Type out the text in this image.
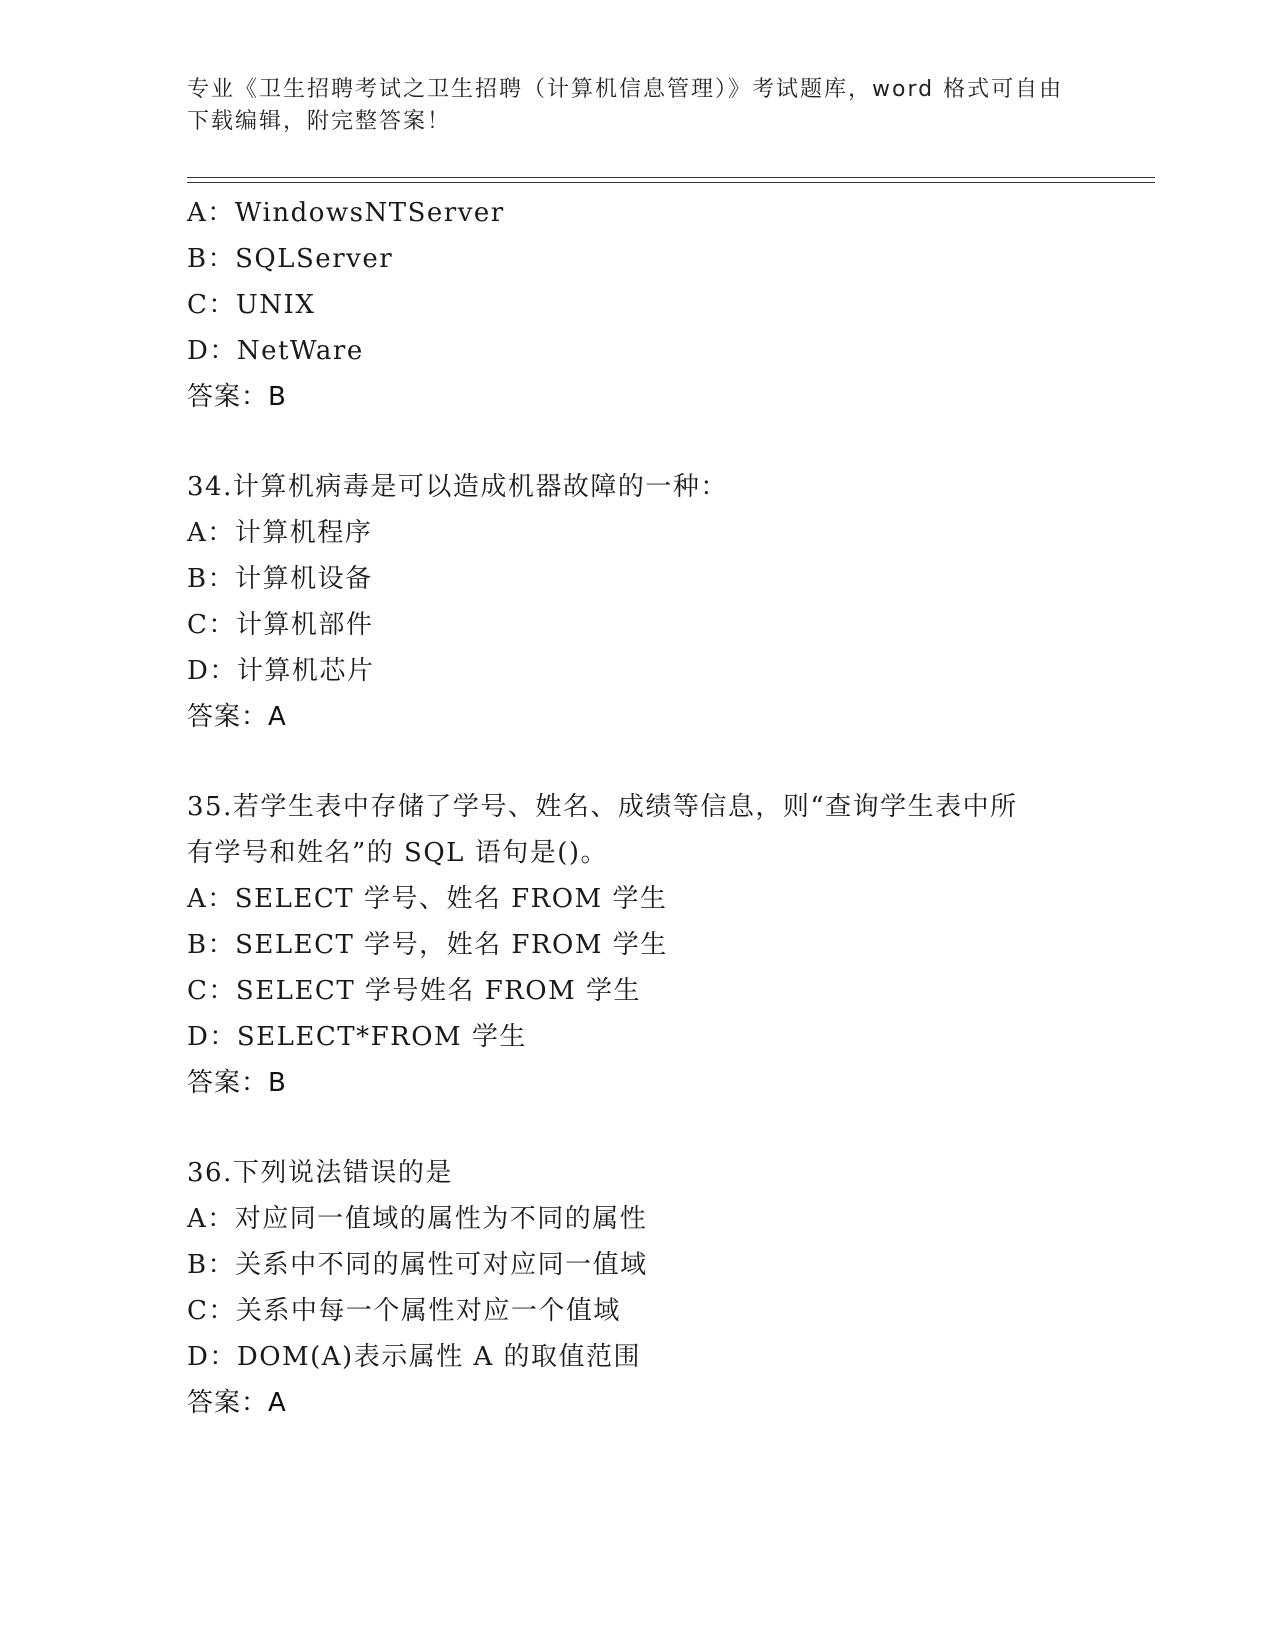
专业《卫生招聘考试之卫生招聘（计算机信息管理）》考试题库，word 格式可自由下载编辑，附完整答案！
A：WindowsNTServer
B：SQLServer
C：UNIX
D：NetWare
答案：B
34.计算机病毒是可以造成机器故障的一种：
A：计算机程序
B：计算机设备
C：计算机部件
D：计算机芯片
答案：A
35.若学生表中存储了学号、姓名、成绩等信息，则“查询学生表中所
有学号和姓名”的 SQL 语句是()。
A：SELECT 学号、姓名 FROM 学生
B：SELECT 学号，姓名 FROM 学生
C：SELECT 学号姓名 FROM 学生
D：SELECT*FROM 学生
答案：B
36.下列说法错误的是
A：对应同一值域的属性为不同的属性
B：关系中不同的属性可对应同一值域
C：关系中每一个属性对应一个值域
D：DOM(A)表示属性 A 的取值范围
答案：A
